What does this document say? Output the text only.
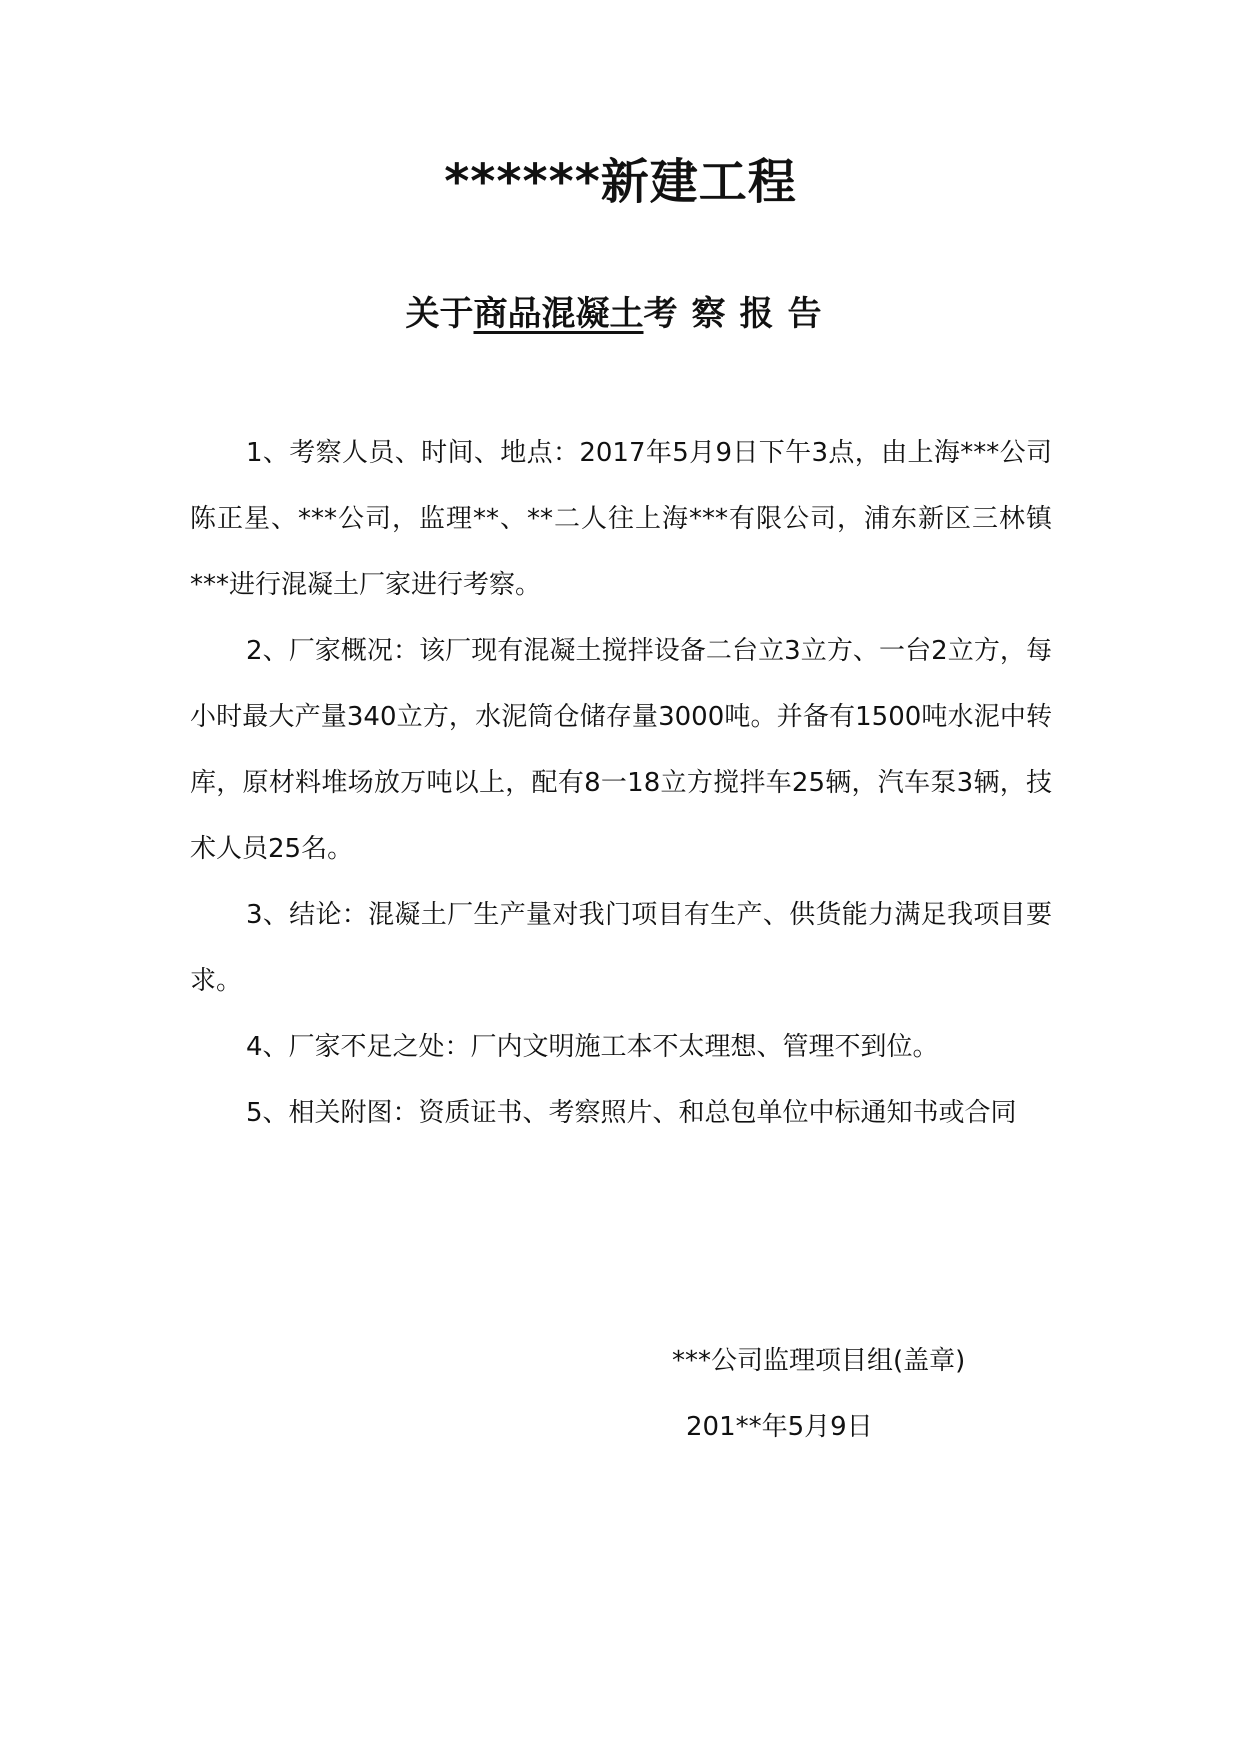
******新建工程
关于商品混凝土考察报告

1、考察人员、时间、地点：2017年5月9日下午3点，由上海***公司陈正星、***公司，监理**、**二人往上海***有限公司，浦东新区三林镇***进行混凝土厂家进行考察。

2、厂家概况：该厂现有混凝土搅拌设备二台立3立方、一台2立方，每小时最大产量340立方，水泥筒仓储存量3000吨。并备有1500吨水泥中转库，原材料堆场放万吨以上，配有8一18立方搅拌车25辆，汽车泵3辆，技术人员25名。

3、结论：混凝土厂生产量对我门项目有生产、供货能力满足我项目要求。

4、厂家不足之处：厂内文明施工本不太理想、管理不到位。

5、相关附图：资质证书、考察照片、和总包单位中标通知书或合同

***公司监理项目组(盖章)
201**年5月9日
